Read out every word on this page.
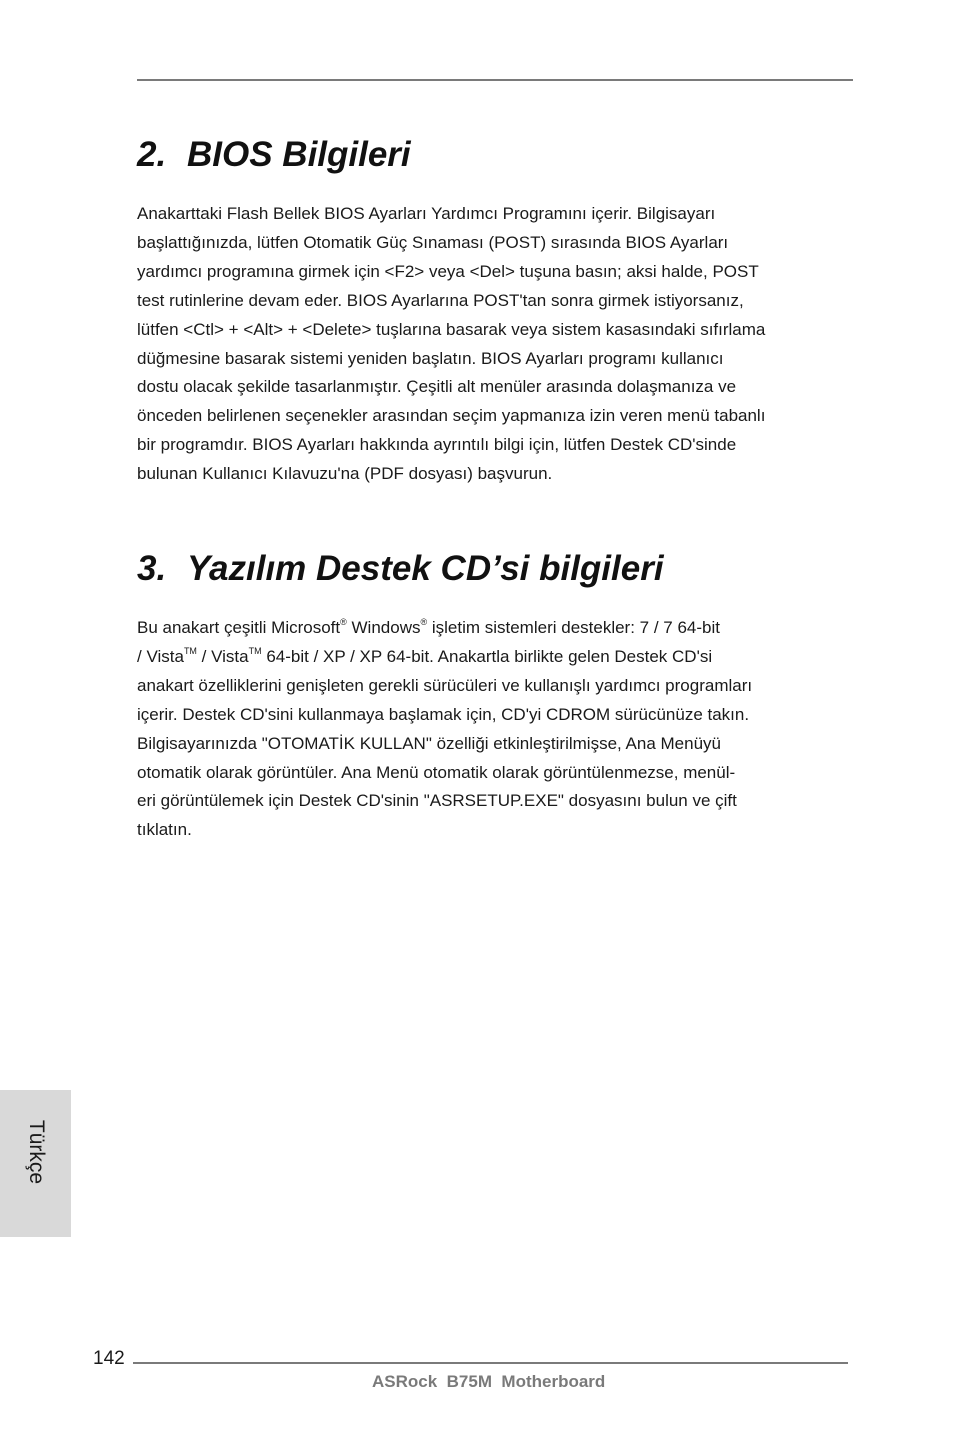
2. BIOS Bilgileri
Anakarttaki Flash Bellek BIOS Ayarları Yardımcı Programını içerir. Bilgisayarı
başlattığınızda, lütfen Otomatik Güç Sınaması (POST) sırasında BIOS Ayarları
yardımcı programına girmek için <F2> veya <Del> tuşuna basın; aksi halde, POST
test rutinlerine devam eder. BIOS Ayarlarına POST'tan sonra girmek istiyorsanız,
lütfen <Ctl> + <Alt> + <Delete> tuşlarına basarak veya sistem kasasındaki sıfırlama
düğmesine basarak sistemi yeniden başlatın. BIOS Ayarları programı kullanıcı
dostu olacak şekilde tasarlanmıştır. Çeşitli alt menüler arasında dolaşmanıza ve
önceden belirlenen seçenekler arasından seçim yapmanıza izin veren menü tabanlı
bir programdır. BIOS Ayarları hakkında ayrıntılı bilgi için, lütfen Destek CD'sinde
bulunan Kullanıcı Kılavuzu'na (PDF dosyası) başvurun.
3. Yazılım Destek CD’si bilgileri
Bu anakart çeşitli Microsoft® Windows® işletim sistemleri destekler: 7 / 7 64-bit
/ Vista™ / Vista™ 64-bit / XP / XP 64-bit. Anakartla birlikte gelen Destek CD'si
anakart özelliklerini genişleten gerekli sürücüleri ve kullanışlı yardımcı programları
içerir. Destek CD'sini kullanmaya başlamak için, CD'yi CDROM sürücünüze takın.
Bilgisayarınızda "OTOMATİK KULLAN" özelliği etkinleştirilmişse, Ana Menüyü
otomatik olarak görüntüler. Ana Menü otomatik olarak görüntülenmezse, menül-
eri görüntülemek için Destek CD'sinin "ASRSETUP.EXE" dosyasını bulun ve çift
tıklatın.
Türkçe
142
ASRock  B75M  Motherboard
